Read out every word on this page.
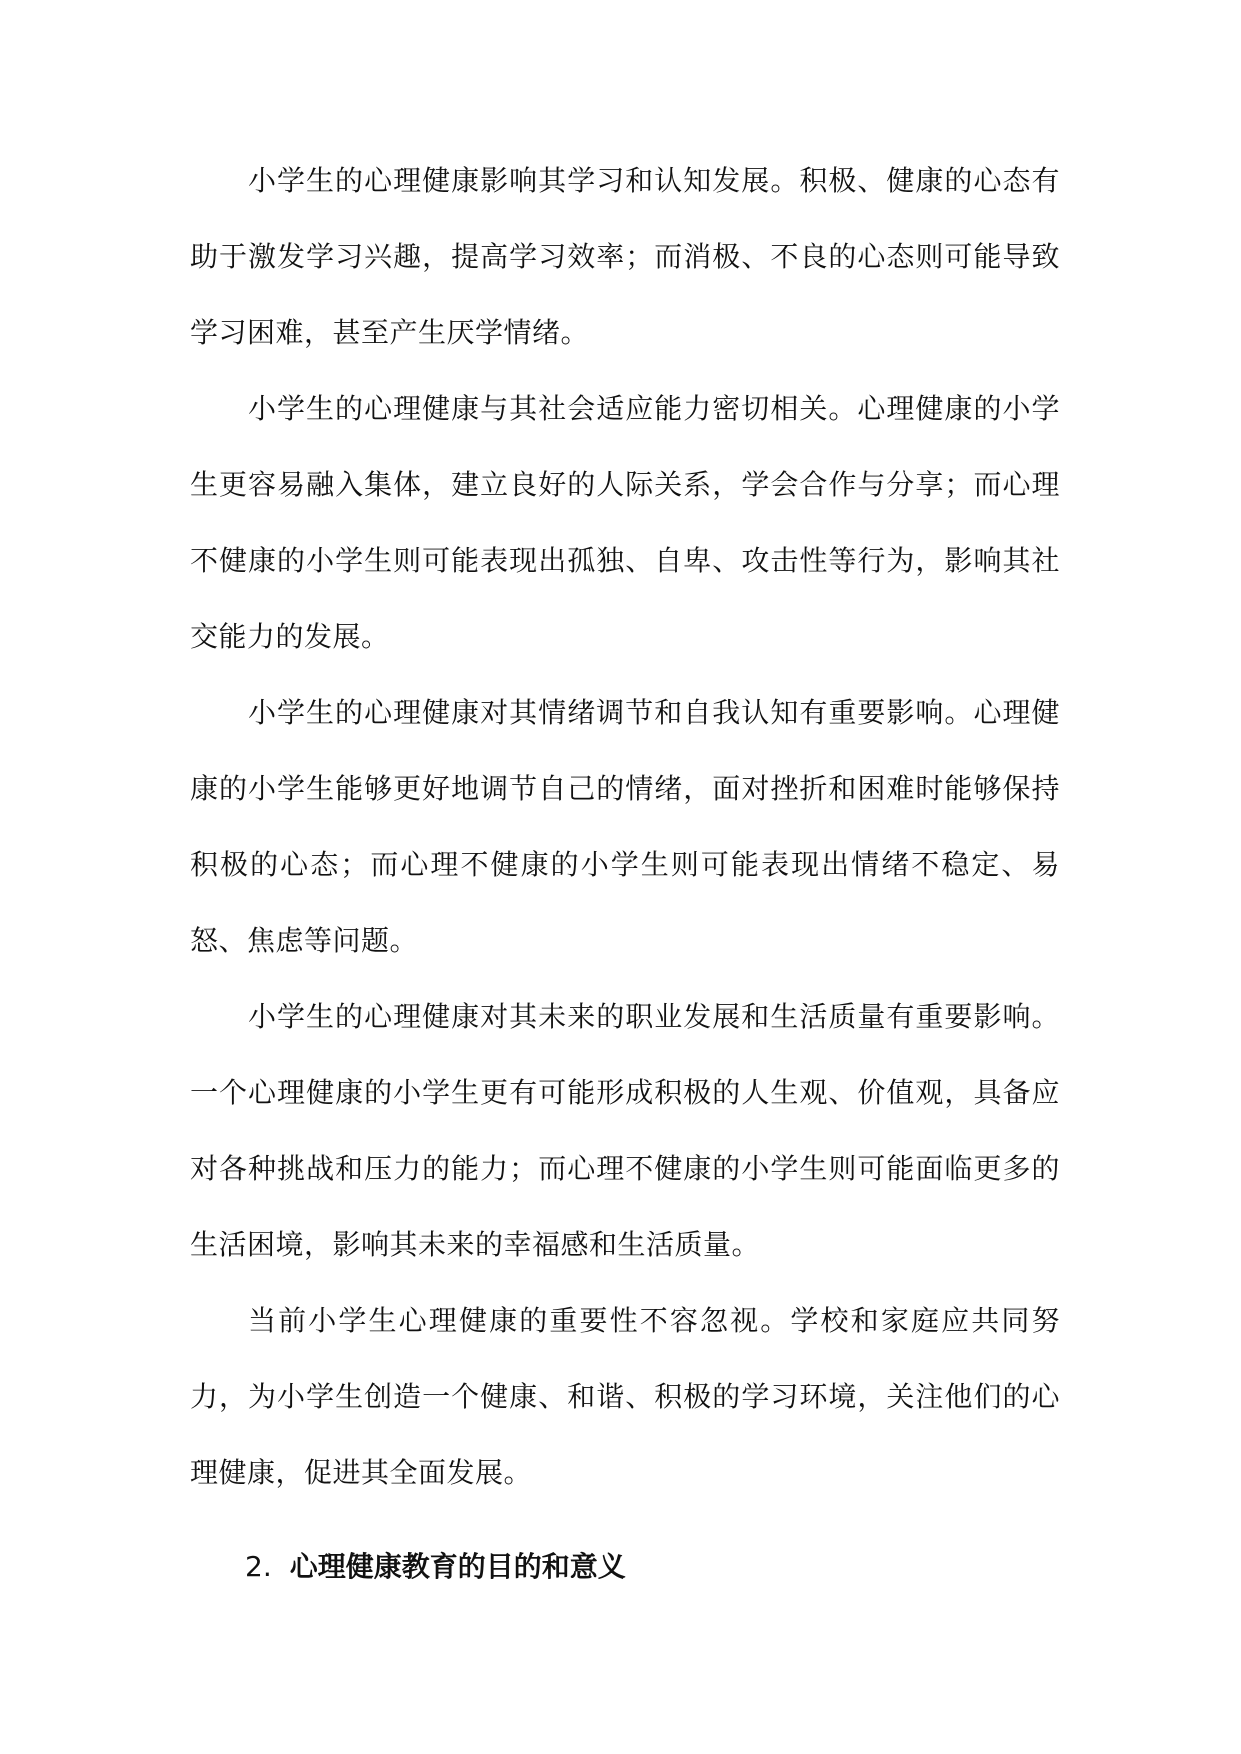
小学生的心理健康影响其学习和认知发展。积极、健康的心态有助于激发学习兴趣，提高学习效率；而消极、不良的心态则可能导致学习困难，甚至产生厌学情绪。

小学生的心理健康与其社会适应能力密切相关。心理健康的小学生更容易融入集体，建立良好的人际关系，学会合作与分享；而心理不健康的小学生则可能表现出孤独、自卑、攻击性等行为，影响其社交能力的发展。

小学生的心理健康对其情绪调节和自我认知有重要影响。心理健康的小学生能够更好地调节自己的情绪，面对挫折和困难时能够保持积极的心态；而心理不健康的小学生则可能表现出情绪不稳定、易怒、焦虑等问题。

小学生的心理健康对其未来的职业发展和生活质量有重要影响。一个心理健康的小学生更有可能形成积极的人生观、价值观，具备应对各种挑战和压力的能力；而心理不健康的小学生则可能面临更多的生活困境，影响其未来的幸福感和生活质量。

当前小学生心理健康的重要性不容忽视。学校和家庭应共同努力，为小学生创造一个健康、和谐、积极的学习环境，关注他们的心理健康，促进其全面发展。

2. 心理健康教育的目的和意义
